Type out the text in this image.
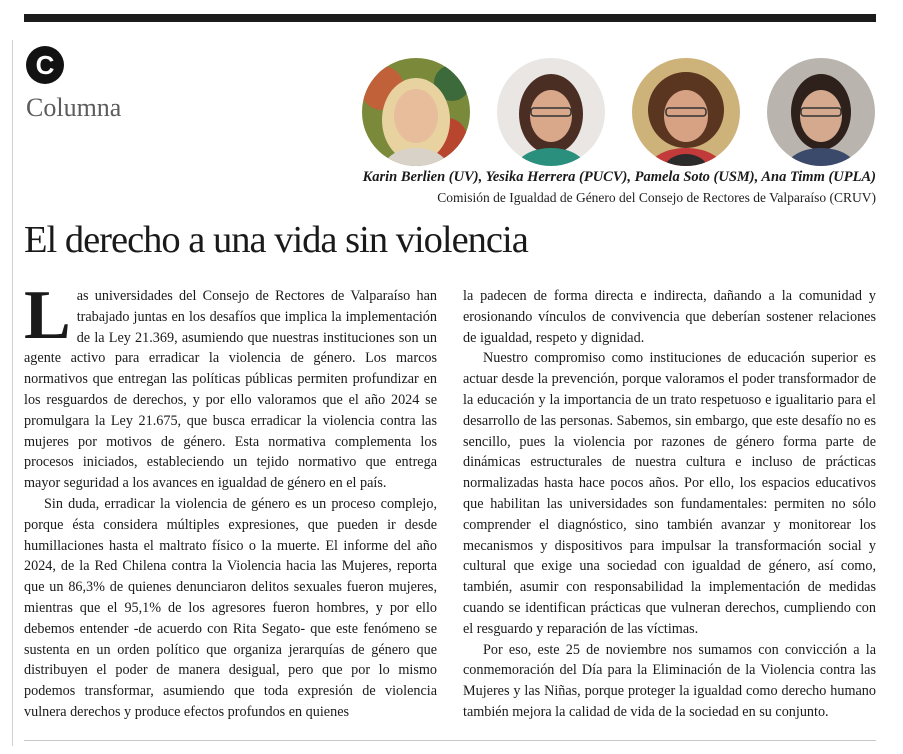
C
Columna
Karin Berlien (UV), Yesika Herrera (PUCV), Pamela Soto (USM), Ana Timm (UPLA)
Comisión de Igualdad de Género del Consejo de Rectores de Valparaíso (CRUV)
El derecho a una vida sin violencia

Las universidades del Consejo de Rectores de Valparaíso han trabajado juntas en los desafíos que implica la implementación de la Ley 21.369, asumiendo que nuestras instituciones son un agente activo para erradicar la violencia de género. Los marcos normativos que entregan las políticas públicas permiten profundizar en los resguardos de derechos, y por ello valoramos que el año 2024 se promulgara la Ley 21.675, que busca erradicar la violencia contra las mujeres por motivos de género. Esta normativa complementa los procesos iniciados, estableciendo un tejido normativo que entrega mayor seguridad a los avances en igualdad de género en el país.

Sin duda, erradicar la violencia de género es un proceso complejo, porque ésta considera múltiples expresiones, que pueden ir desde humillaciones hasta el maltrato físico o la muerte. El informe del año 2024, de la Red Chilena contra la Violencia hacia las Mujeres, reporta que un 86,3% de quienes denunciaron delitos sexuales fueron mujeres, mientras que el 95,1% de los agresores fueron hombres, y por ello debemos entender -de acuerdo con Rita Segato- que este fenómeno se sustenta en un orden político que organiza jerarquías de género que distribuyen el poder de manera desigual, pero que por lo mismo podemos transformar, asumiendo que toda expresión de violencia vulnera derechos y produce efectos profundos en quienes

la padecen de forma directa e indirecta, dañando a la comunidad y erosionando vínculos de convivencia que deberían sostener relaciones de igualdad, respeto y dignidad.

Nuestro compromiso como instituciones de educación superior es actuar desde la prevención, porque valoramos el poder transformador de la educación y la importancia de un trato respetuoso e igualitario para el desarrollo de las personas. Sabemos, sin embargo, que este desafío no es sencillo, pues la violencia por razones de género forma parte de dinámicas estructurales de nuestra cultura e incluso de prácticas normalizadas hasta hace pocos años. Por ello, los espacios educativos que habilitan las universidades son fundamentales: permiten no sólo comprender el diagnóstico, sino también avanzar y monitorear los mecanismos y dispositivos para impulsar la transformación social y cultural que exige una sociedad con igualdad de género, así como, también, asumir con responsabilidad la implementación de medidas cuando se identifican prácticas que vulneran derechos, cumpliendo con el resguardo y reparación de las víctimas.

Por eso, este 25 de noviembre nos sumamos con convicción a la conmemoración del Día para la Eliminación de la Violencia contra las Mujeres y las Niñas, porque proteger la igualdad como derecho humano también mejora la calidad de vida de la sociedad en su conjunto.
